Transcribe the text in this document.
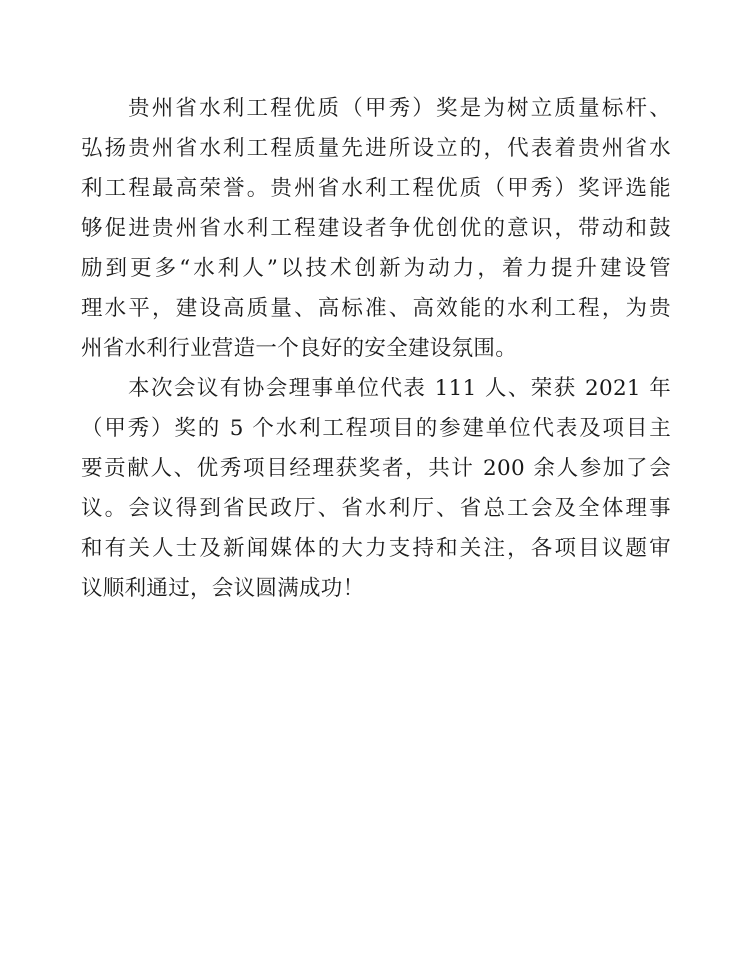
贵州省水利工程优质（甲秀）奖是为树立质量标杆、
弘扬贵州省水利工程质量先进所设立的，代表着贵州省水
利工程最高荣誉。贵州省水利工程优质（甲秀）奖评选能
够促进贵州省水利工程建设者争优创优的意识，带动和鼓
励到更多“水利人”以技术创新为动力，着力提升建设管
理水平，建设高质量、高标准、高效能的水利工程，为贵
州省水利行业营造一个良好的安全建设氛围。
本次会议有协会理事单位代表 111 人、荣获 2021 年
（甲秀）奖的 5 个水利工程项目的参建单位代表及项目主
要贡献人、优秀项目经理获奖者，共计 200 余人参加了会
议。会议得到省民政厅、省水利厅、省总工会及全体理事
和有关人士及新闻媒体的大力支持和关注，各项目议题审
议顺利通过，会议圆满成功！
